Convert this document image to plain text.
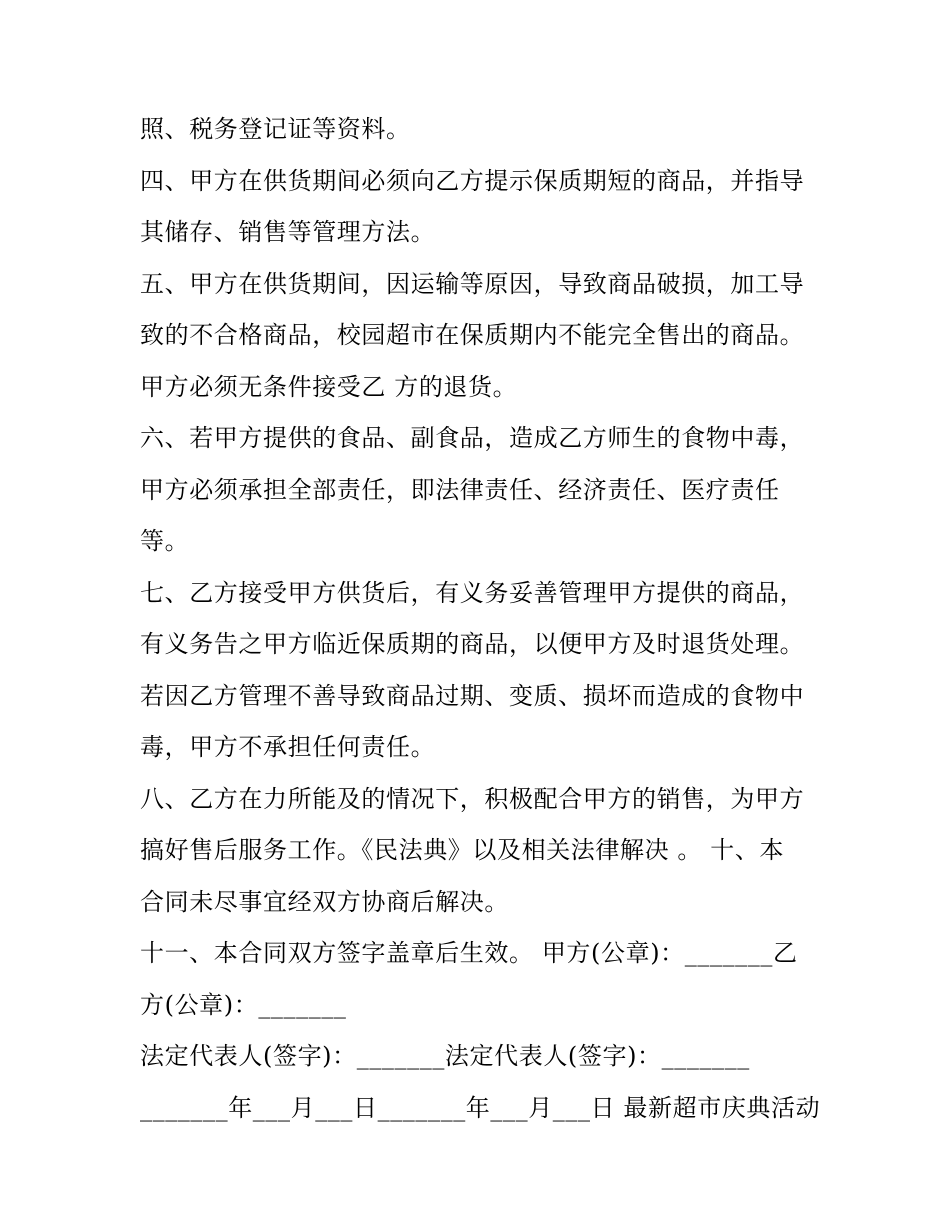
照、税务登记证等资料。
四、甲方在供货期间必须向乙方提示保质期短的商品，并指导
其储存、销售等管理方法。
五、甲方在供货期间，因运输等原因，导致商品破损，加工导
致的不合格商品，校园超市在保质期内不能完全售出的商品。
甲方必须无条件接受乙 方的退货。
六、若甲方提供的食品、副食品，造成乙方师生的食物中毒，
甲方必须承担全部责任，即法律责任、经济责任、医疗责任
等。
七、乙方接受甲方供货后，有义务妥善管理甲方提供的商品，
有义务告之甲方临近保质期的商品，以便甲方及时退货处理。
若因乙方管理不善导致商品过期、变质、损坏而造成的食物中
毒，甲方不承担任何责任。
八、乙方在力所能及的情况下，积极配合甲方的销售，为甲方
搞好售后服务工作。《民法典》以及相关法律解决 。 十、本
合同未尽事宜经双方协商后解决。
十一、本合同双方签字盖章后生效。 甲方(公章)：_______乙
方(公章)：_______
法定代表人(签字)：_______法定代表人(签字)：_______
_______年___月___日_______年___月___日 最新超市庆典活动
